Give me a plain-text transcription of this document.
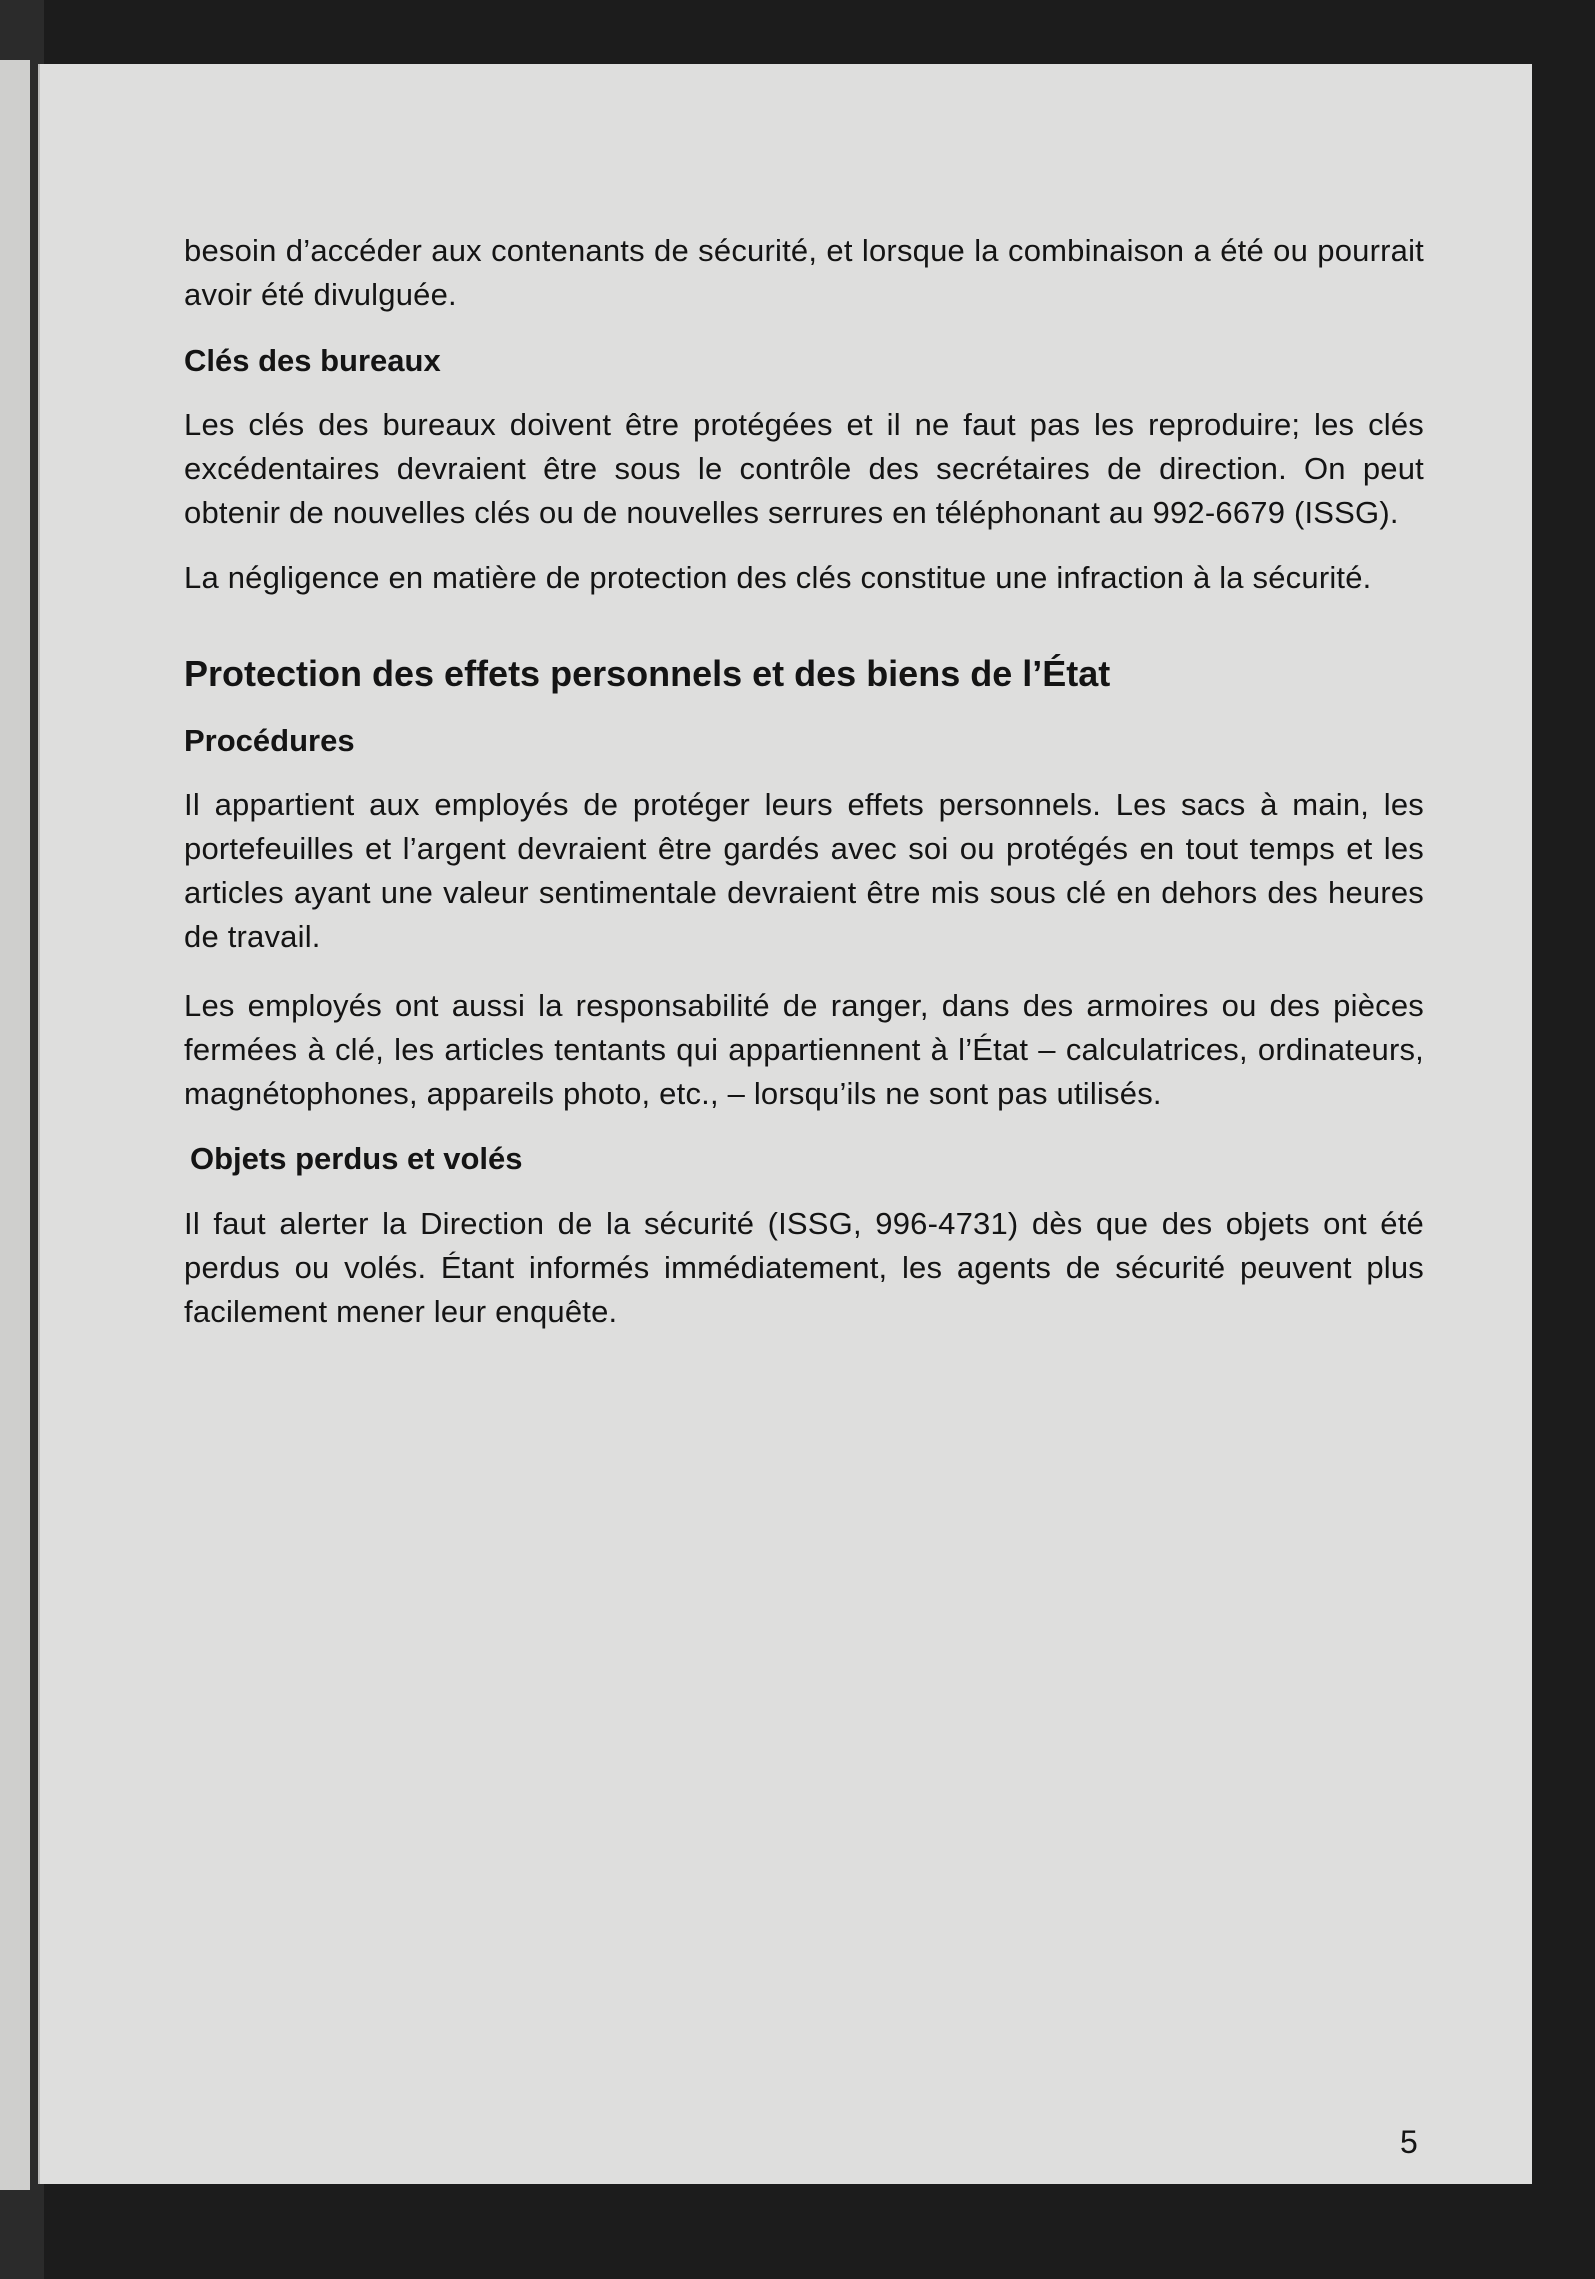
besoin d’accéder aux contenants de sécurité, et lorsque la combinaison a été ou pourrait avoir été divulguée.

Clés des bureaux

Les clés des bureaux doivent être protégées et il ne faut pas les reproduire; les clés excédentaires devraient être sous le contrôle des secrétaires de direction. On peut obtenir de nouvelles clés ou de nouvelles serrures en téléphonant au 992-6679 (ISSG).

La négligence en matière de protection des clés constitue une infraction à la sécurité.

Protection des effets personnels et des biens de l’État
Procédures

Il appartient aux employés de protéger leurs effets personnels. Les sacs à main, les portefeuilles et l’argent devraient être gardés avec soi ou protégés en tout temps et les articles ayant une valeur sentimentale devraient être mis sous clé en dehors des heures de travail.

Les employés ont aussi la responsabilité de ranger, dans des armoires ou des pièces fermées à clé, les articles tentants qui appartiennent à l’État – calculatrices, ordinateurs, magnétophones, appareils photo, etc., – lorsqu’ils ne sont pas utilisés.

Objets perdus et volés

Il faut alerter la Direction de la sécurité (ISSG, 996-4731) dès que des objets ont été perdus ou volés. Étant informés immédiatement, les agents de sécurité peuvent plus facilement mener leur enquête.

5
